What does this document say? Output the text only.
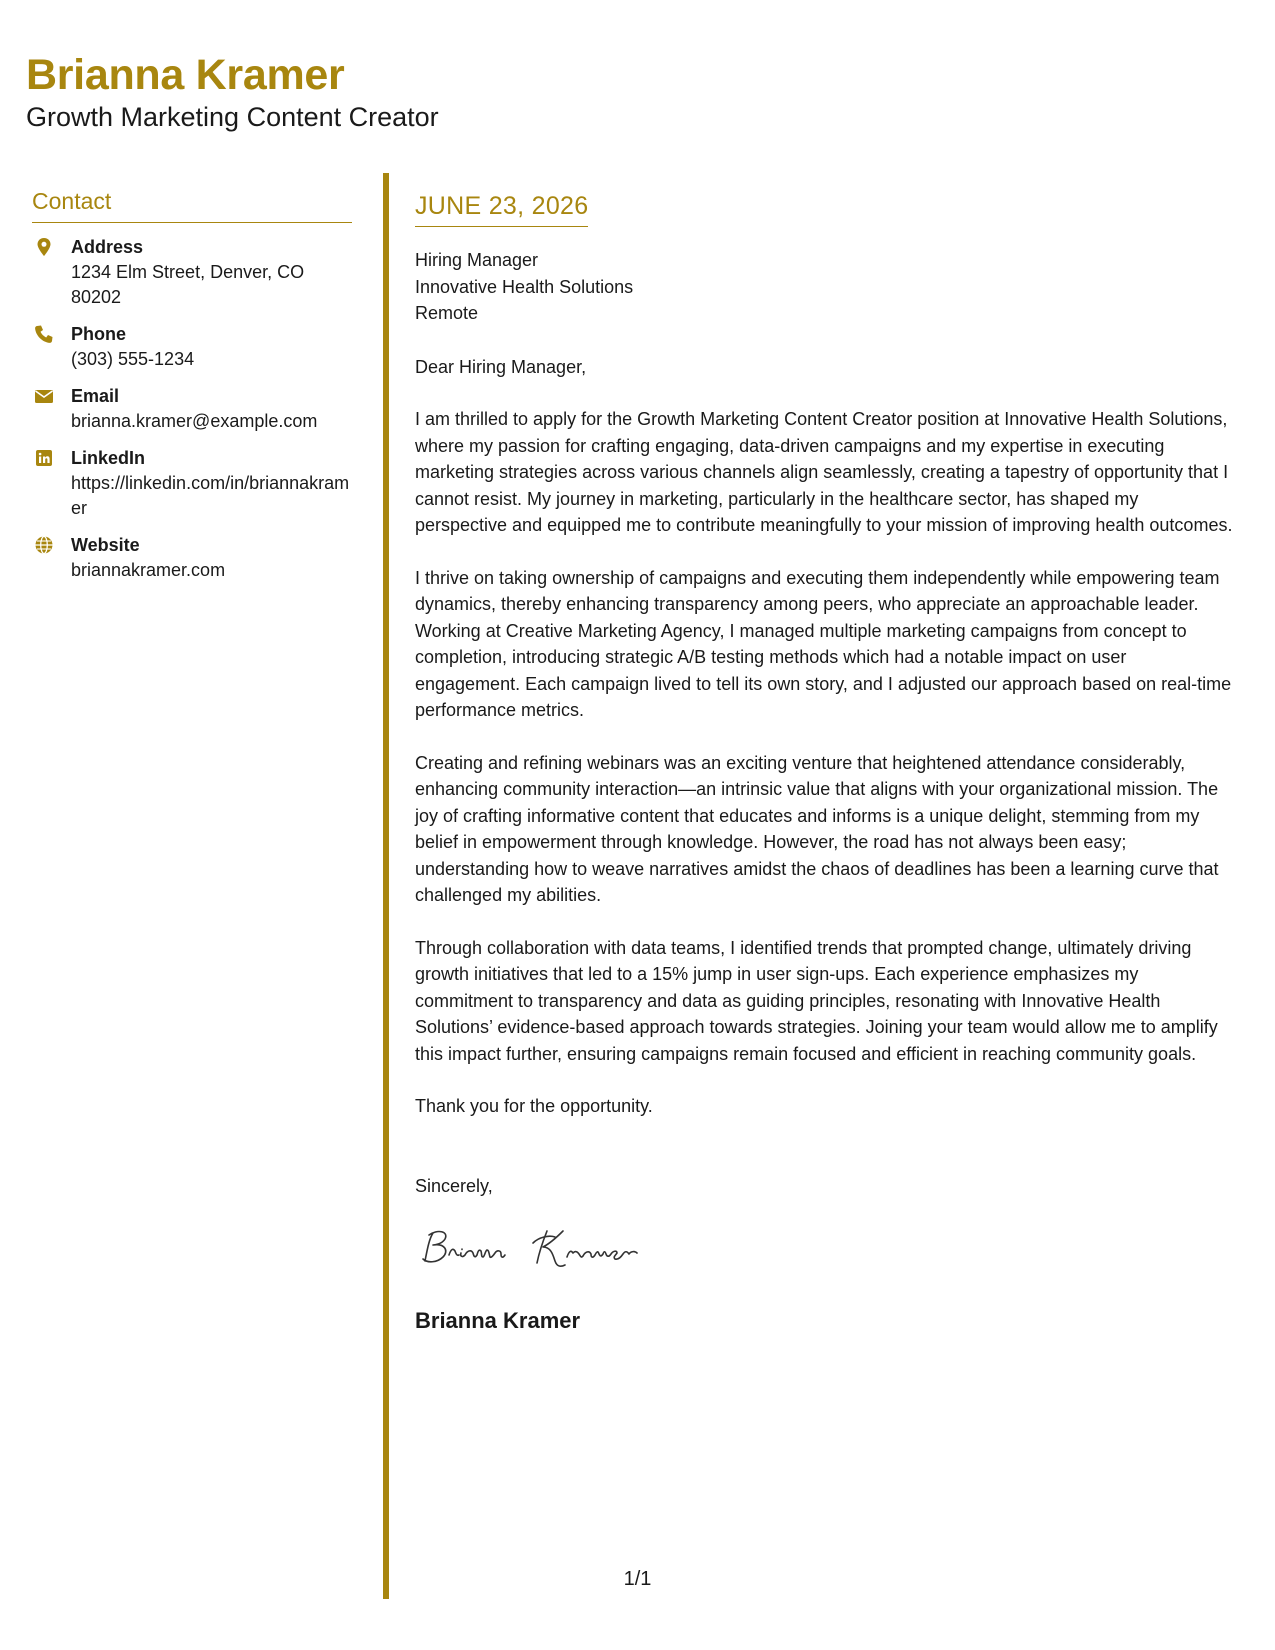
Brianna Kramer
Growth Marketing Content Creator
Contact
Address
1234 Elm Street, Denver, CO 80202
Phone
(303) 555-1234
Email
brianna.kramer@example.com
LinkedIn
https://linkedin.com/in/briannakramer
Website
briannakramer.com
JUNE 23, 2026
Hiring Manager
Innovative Health Solutions
Remote
Dear Hiring Manager,
I am thrilled to apply for the Growth Marketing Content Creator position at Innovative Health Solutions, where my passion for crafting engaging, data-driven campaigns and my expertise in executing marketing strategies across various channels align seamlessly, creating a tapestry of opportunity that I cannot resist. My journey in marketing, particularly in the healthcare sector, has shaped my perspective and equipped me to contribute meaningfully to your mission of improving health outcomes.
I thrive on taking ownership of campaigns and executing them independently while empowering team dynamics, thereby enhancing transparency among peers, who appreciate an approachable leader. Working at Creative Marketing Agency, I managed multiple marketing campaigns from concept to completion, introducing strategic A/B testing methods which had a notable impact on user engagement. Each campaign lived to tell its own story, and I adjusted our approach based on real-time performance metrics.
Creating and refining webinars was an exciting venture that heightened attendance considerably, enhancing community interaction—an intrinsic value that aligns with your organizational mission. The joy of crafting informative content that educates and informs is a unique delight, stemming from my belief in empowerment through knowledge. However, the road has not always been easy; understanding how to weave narratives amidst the chaos of deadlines has been a learning curve that challenged my abilities.
Through collaboration with data teams, I identified trends that prompted change, ultimately driving growth initiatives that led to a 15% jump in user sign-ups. Each experience emphasizes my commitment to transparency and data as guiding principles, resonating with Innovative Health Solutions’ evidence-based approach towards strategies. Joining your team would allow me to amplify this impact further, ensuring campaigns remain focused and efficient in reaching community goals.
Thank you for the opportunity.
Sincerely,
Brianna Kramer
1/1
